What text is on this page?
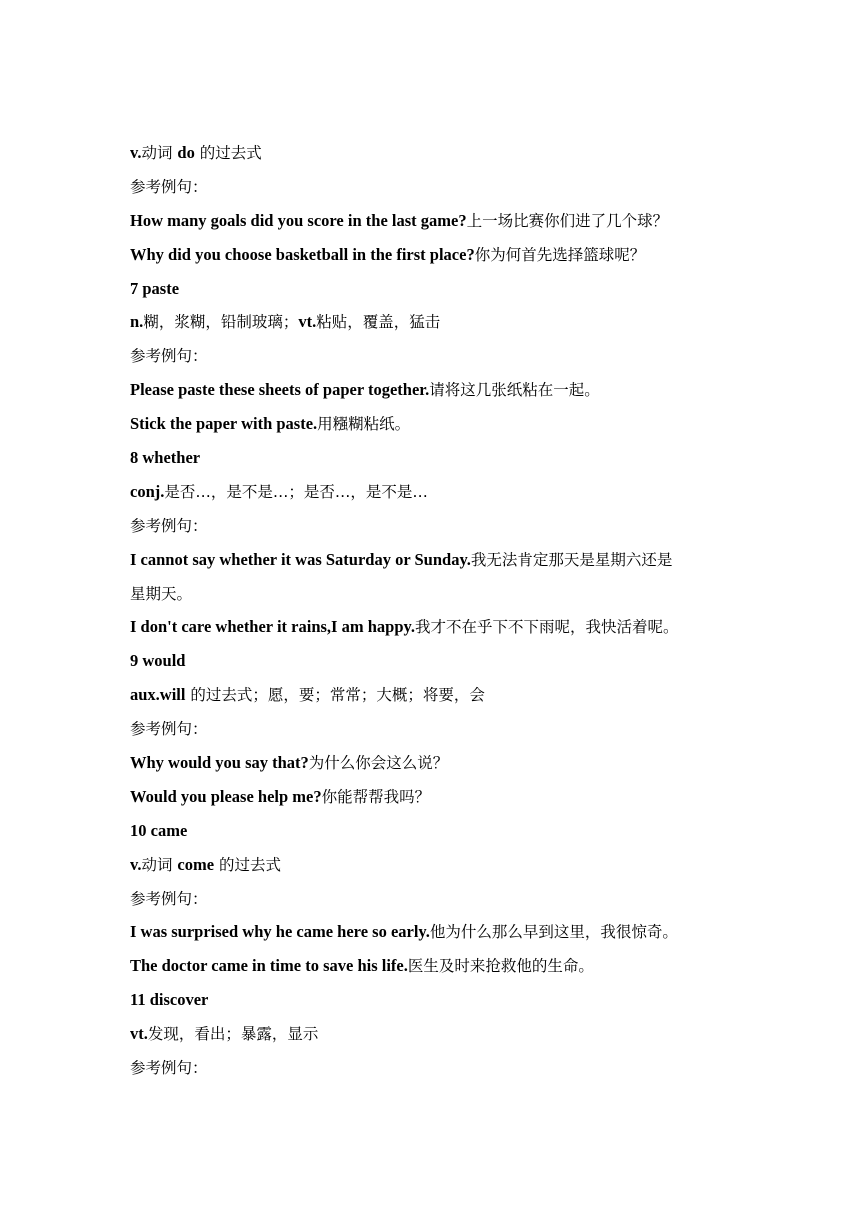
v.动词 do 的过去式
参考例句：
How many goals did you score in the last game?上一场比赛你们进了几个球？
Why did you choose basketball in the first place?你为何首先选择篮球呢？
7 paste
n.糊，浆糊，铅制玻璃；vt.粘贴，覆盖，猛击
参考例句：
Please paste these sheets of paper together.请将这几张纸粘在一起。
Stick the paper with paste.用糨糊粘纸。
8 whether
conj.是否…，是不是…；是否…，是不是…
参考例句：
I cannot say whether it was Saturday or Sunday.我无法肯定那天是星期六还是
星期天。
I don't care whether it rains,I am happy.我才不在乎下不下雨呢，我快活着呢。
9 would
aux.will 的过去式；愿，要；常常；大概；将要，会
参考例句：
Why would you say that?为什么你会这么说？
Would you please help me?你能帮帮我吗？
10 came
v.动词 come 的过去式
参考例句：
I was surprised why he came here so early.他为什么那么早到这里，我很惊奇。
The doctor came in time to save his life.医生及时来抢救他的生命。
11 discover
vt.发现，看出；暴露，显示
参考例句：
